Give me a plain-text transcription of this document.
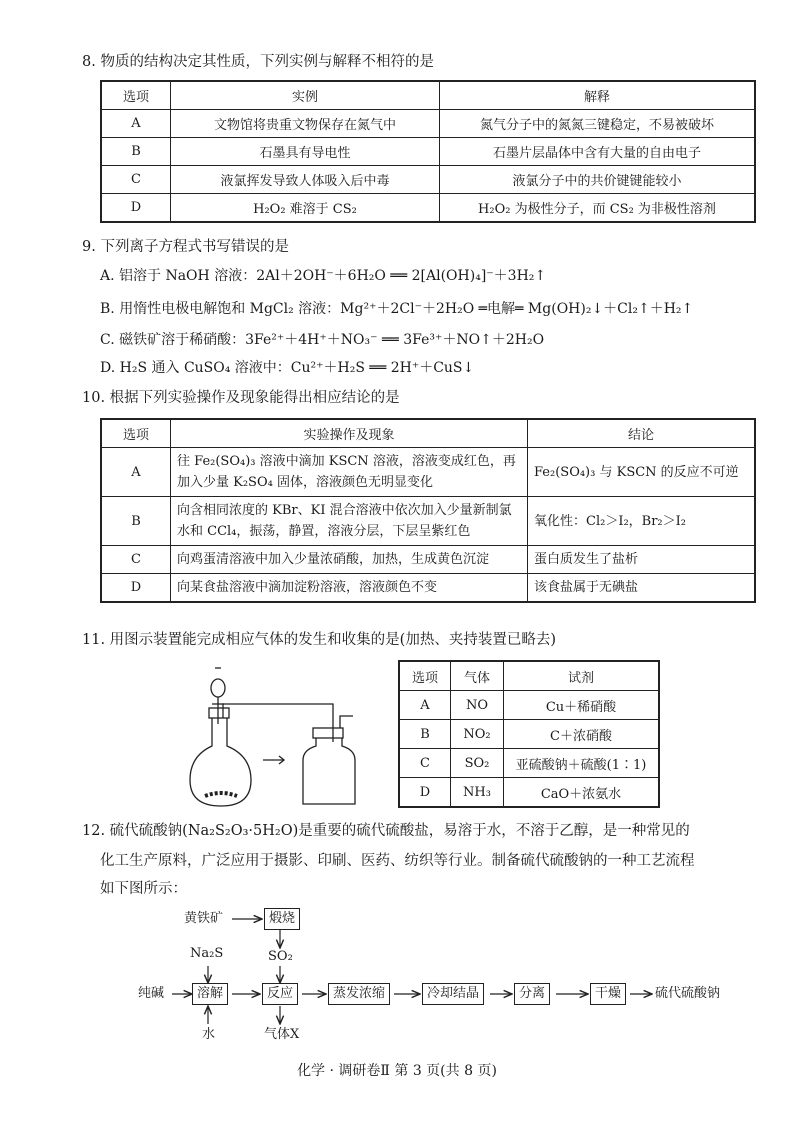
8. 物质的结构决定其性质，下列实例与解释不相符的是
选项	实例	解释
A	文物馆将贵重文物保存在氮气中	氮气分子中的氮氮三键稳定，不易被破坏
B	石墨具有导电性	石墨片层晶体中含有大量的自由电子
C	液氯挥发导致人体吸入后中毒	液氯分子中的共价键键能较小
D	H₂O₂ 难溶于 CS₂	H₂O₂ 为极性分子，而 CS₂ 为非极性溶剂
9. 下列离子方程式书写错误的是
A. 铝溶于 NaOH 溶液：2Al＋2OH⁻＋6H₂O ══ 2[Al(OH)₄]⁻＋3H₂↑
B. 用惰性电极电解饱和 MgCl₂ 溶液：Mg²⁺＋2Cl⁻＋2H₂O ═电解═ Mg(OH)₂↓＋Cl₂↑＋H₂↑
C. 磁铁矿溶于稀硝酸：3Fe²⁺＋4H⁺＋NO₃⁻ ══ 3Fe³⁺＋NO↑＋2H₂O
D. H₂S 通入 CuSO₄ 溶液中：Cu²⁺＋H₂S ══ 2H⁺＋CuS↓
10. 根据下列实验操作及现象能得出相应结论的是
选项	实验操作及现象	结论
A	往 Fe₂(SO₄)₃ 溶液中滴加 KSCN 溶液，溶液变成红色，再加入少量 K₂SO₄ 固体，溶液颜色无明显变化	Fe₂(SO₄)₃ 与 KSCN 的反应不可逆
B	向含相同浓度的 KBr、KI 混合溶液中依次加入少量新制氯水和 CCl₄，振荡，静置，溶液分层，下层呈紫红色	氧化性：Cl₂＞I₂，Br₂＞I₂
C	向鸡蛋清溶液中加入少量浓硝酸，加热，生成黄色沉淀	蛋白质发生了盐析
D	向某食盐溶液中滴加淀粉溶液，溶液颜色不变	该食盐属于无碘盐
11. 用图示装置能完成相应气体的发生和收集的是(加热、夹持装置已略去)
选项	气体	试剂
A	NO	Cu＋稀硝酸
B	NO₂	C＋浓硝酸
C	SO₂	亚硫酸钠＋硫酸(1∶1)
D	NH₃	CaO＋浓氨水
12. 硫代硫酸钠(Na₂S₂O₃·5H₂O)是重要的硫代硫酸盐，易溶于水，不溶于乙醇，是一种常见的
化工生产原料，广泛应用于摄影、印刷、医药、纺织等行业。制备硫代硫酸钠的一种工艺流程
如下图所示：
黄铁矿	煅烧
SO₂
Na₂S
纯碱	溶解	反应	蒸发浓缩	冷却结晶	分离	干燥	硫代硫酸钠
水	气体X
化学 · 调研卷Ⅱ 第 3 页(共 8 页)
